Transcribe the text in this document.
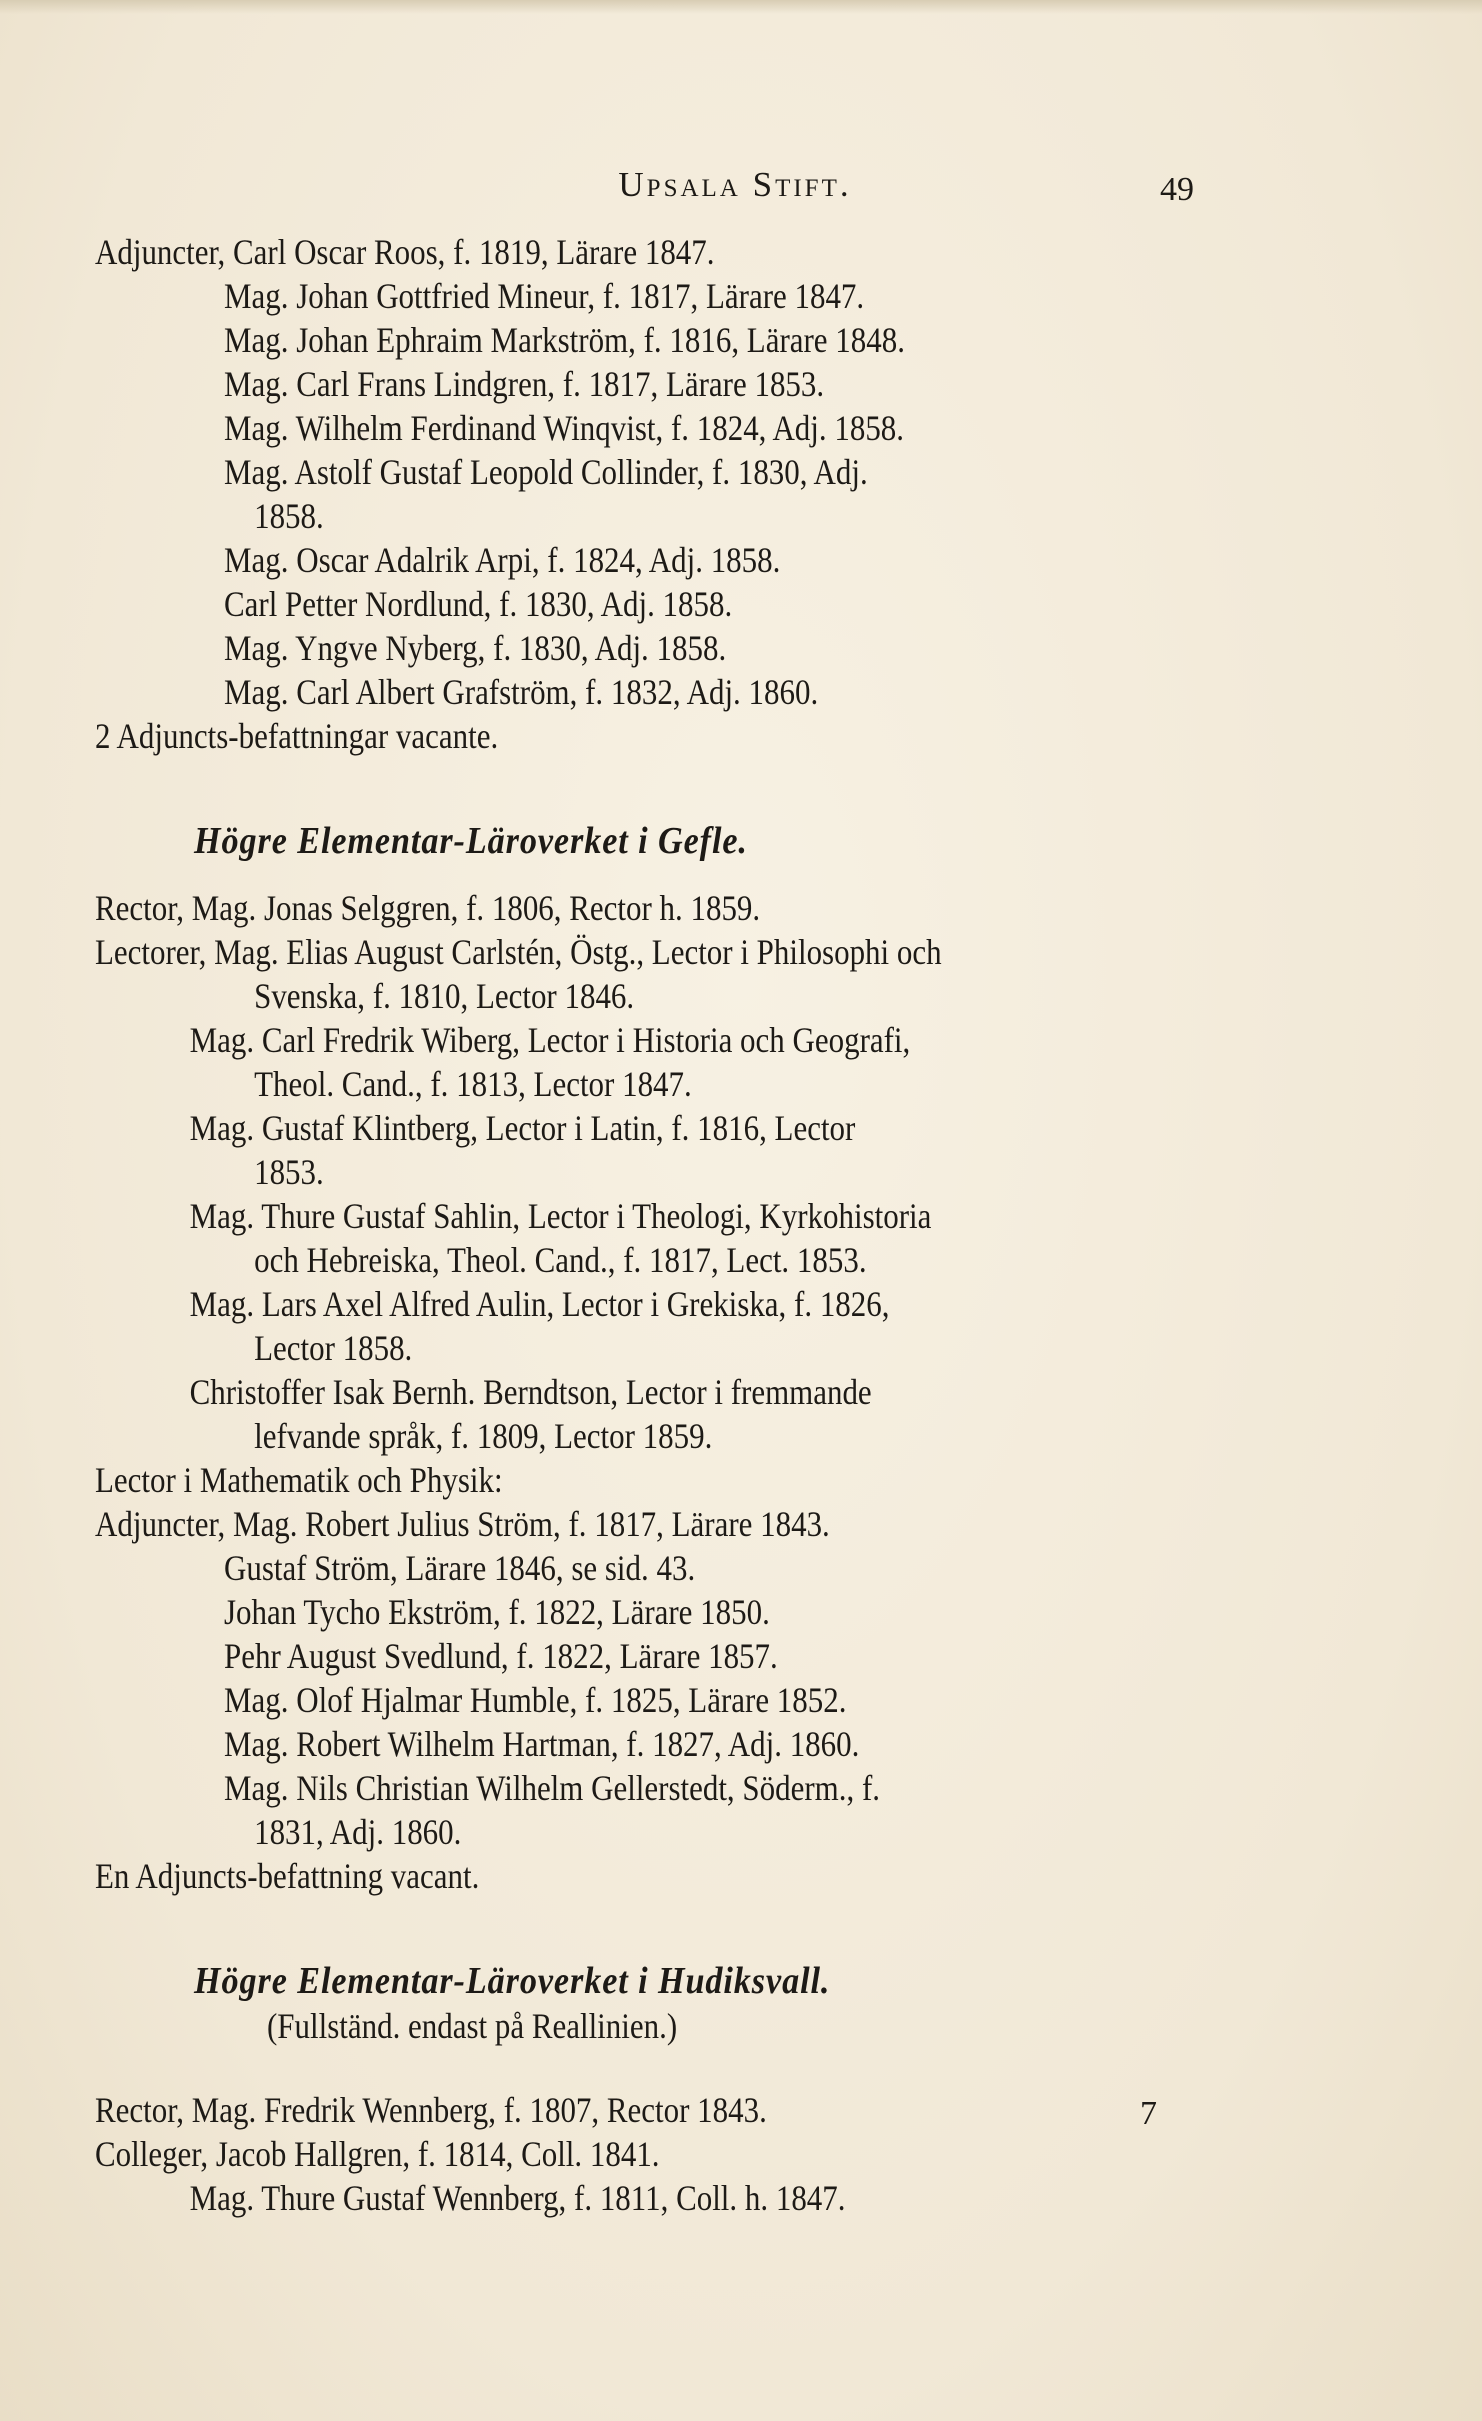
Upsala Stift.	49
Adjuncter, Carl Oscar Roos, f. 1819, Lärare 1847.
Mag. Johan Gottfried Mineur, f. 1817, Lärare 1847.
Mag. Johan Ephraim Markström, f. 1816, Lärare 1848.
Mag. Carl Frans Lindgren, f. 1817, Lärare 1853.
Mag. Wilhelm Ferdinand Winqvist, f. 1824, Adj. 1858.
Mag. Astolf Gustaf Leopold Collinder, f. 1830, Adj.
1858.
Mag. Oscar Adalrik Arpi, f. 1824, Adj. 1858.
Carl Petter Nordlund, f. 1830, Adj. 1858.
Mag. Yngve Nyberg, f. 1830, Adj. 1858.
Mag. Carl Albert Grafström, f. 1832, Adj. 1860.
2 Adjuncts-befattningar vacante.
Högre Elementar-Läroverket i Gefle.
Rector, Mag. Jonas Selggren, f. 1806, Rector h. 1859.
Lectorer, Mag. Elias August Carlstén, Östg., Lector i Philosophi och
Svenska, f. 1810, Lector 1846.
Mag. Carl Fredrik Wiberg, Lector i Historia och Geografi,
Theol. Cand., f. 1813, Lector 1847.
Mag. Gustaf Klintberg, Lector i Latin, f. 1816, Lector
1853.
Mag. Thure Gustaf Sahlin, Lector i Theologi, Kyrkohistoria
och Hebreiska, Theol. Cand., f. 1817, Lect. 1853.
Mag. Lars Axel Alfred Aulin, Lector i Grekiska, f. 1826,
Lector 1858.
Christoffer Isak Bernh. Berndtson, Lector i fremmande
lefvande språk, f. 1809, Lector 1859.
Lector i Mathematik och Physik:
Adjuncter, Mag. Robert Julius Ström, f. 1817, Lärare 1843.
Gustaf Ström, Lärare 1846, se sid. 43.
Johan Tycho Ekström, f. 1822, Lärare 1850.
Pehr August Svedlund, f. 1822, Lärare 1857.
Mag. Olof Hjalmar Humble, f. 1825, Lärare 1852.
Mag. Robert Wilhelm Hartman, f. 1827, Adj. 1860.
Mag. Nils Christian Wilhelm Gellerstedt, Söderm., f.
1831, Adj. 1860.
En Adjuncts-befattning vacant.
Högre Elementar-Läroverket i Hudiksvall.
(Fullständ. endast på Reallinien.)
Rector, Mag. Fredrik Wennberg, f. 1807, Rector 1843.
Colleger, Jacob Hallgren, f. 1814, Coll. 1841.
Mag. Thure Gustaf Wennberg, f. 1811, Coll. h. 1847.
7
